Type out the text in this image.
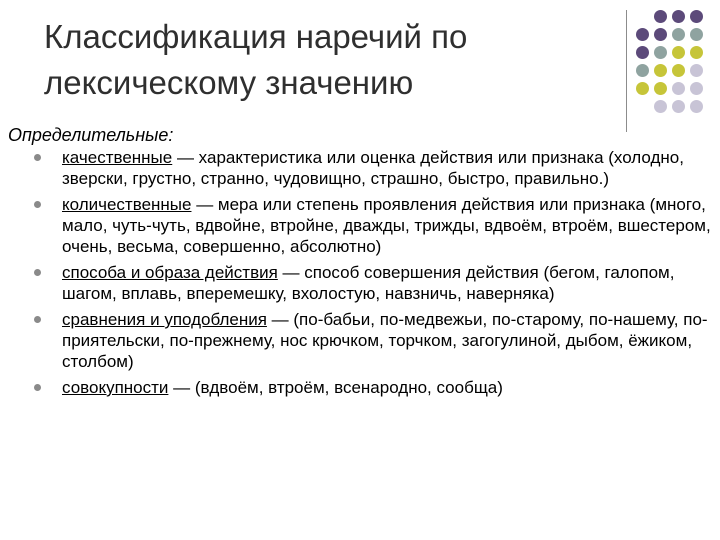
Классификация наречий по
лексическому значению
Определительные:
качественные — характеристика или оценка действия или признака (холодно, зверски, грустно, странно, чудовищно, страшно, быстро, правильно.)
количественные — мера или степень проявления действия или признака (много, мало, чуть-чуть, вдвойне, втройне, дважды, трижды, вдвоём, втроём, вшестером, очень, весьма, совершенно, абсолютно)
способа и образа действия — способ совершения действия (бегом, галопом, шагом, вплавь, вперемешку, вхолостую, навзничь, наверняка)
сравнения и уподобления — (по-бабьи, по-медвежьи, по-старому, по-нашему, по-приятельски, по-прежнему, нос крючком, торчком, загогулиной, дыбом, ёжиком, столбом)
совокупности — (вдвоём, втроём, всенародно, сообща)
